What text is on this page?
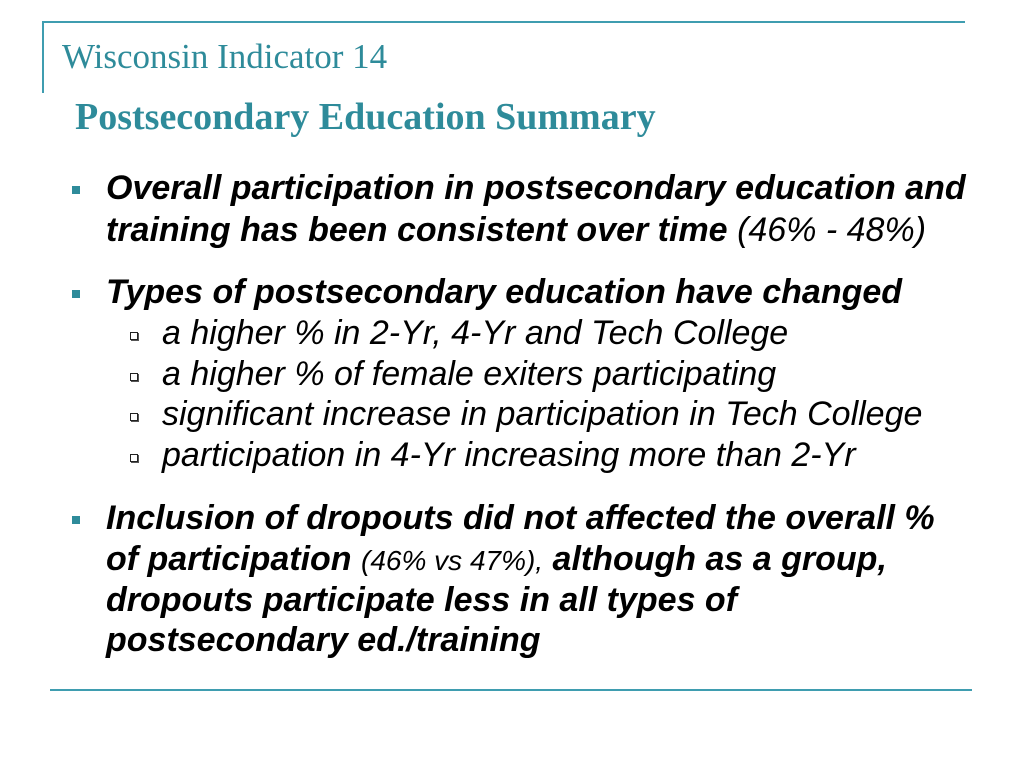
Wisconsin Indicator 14
Postsecondary Education Summary
Overall participation in postsecondary education and
training has been consistent over time (46% - 48%)
Types of postsecondary education have changed
a higher % in 2-Yr, 4-Yr and Tech College
a higher % of female exiters participating
significant increase in participation in Tech College
participation in 4-Yr increasing more than 2-Yr
Inclusion of dropouts did not affected the overall %
of participation (46% vs 47%), although as a group,
dropouts participate less in all types of
postsecondary ed./training
